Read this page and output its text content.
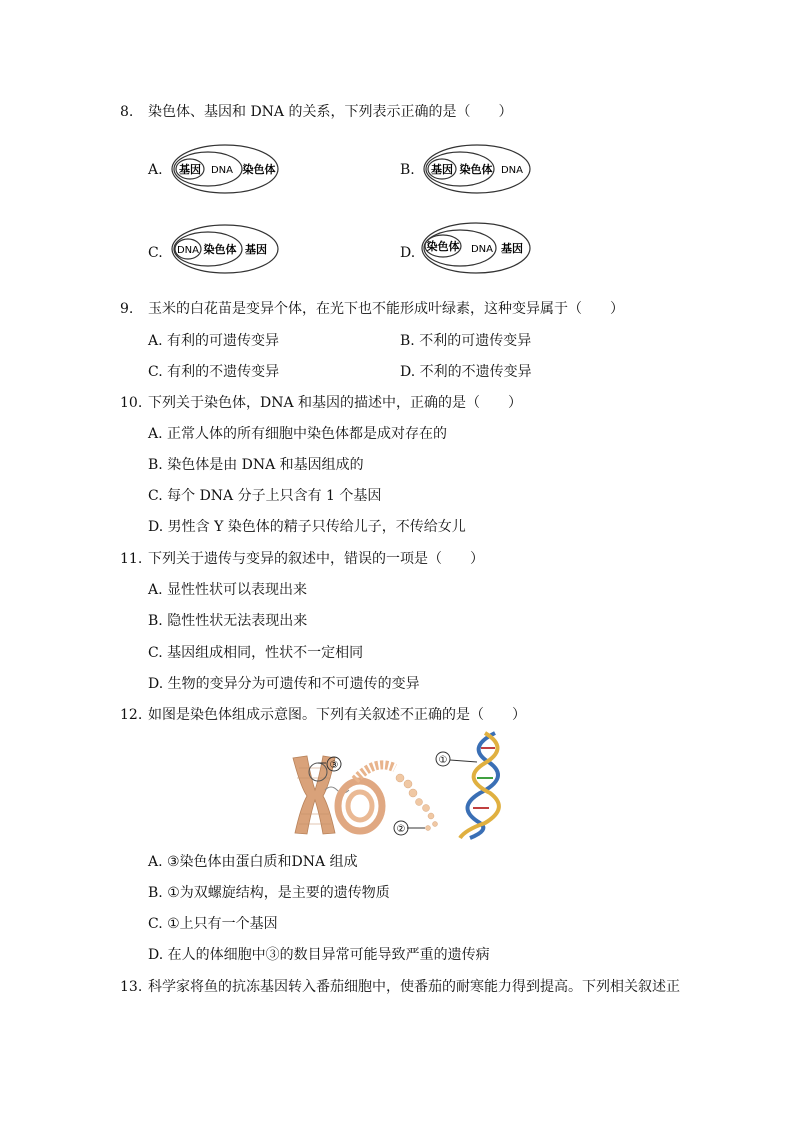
8. 染色体、基因和 DNA 的关系，下列表示正确的是（　　）
A. 基因 DNA 染色体	B. 基因 染色体 DNA
C. DNA 染色体 基因	D. 染色体 DNA 基因
9. 玉米的白花苗是变异个体，在光下也不能形成叶绿素，这种变异属于（　　）
A. 有利的可遗传变异	B. 不利的可遗传变异
C. 有利的不遗传变异	D. 不利的不遗传变异
10. 下列关于染色体，DNA 和基因的描述中，正确的是（　　）
A. 正常人体的所有细胞中染色体都是成对存在的
B. 染色体是由 DNA 和基因组成的
C. 每个 DNA 分子上只含有 1 个基因
D. 男性含 Y 染色体的精子只传给儿子，不传给女儿
11. 下列关于遗传与变异的叙述中，错误的一项是（　　）
A. 显性性状可以表现出来
B. 隐性性状无法表现出来
C. 基因组成相同，性状不一定相同
D. 生物的变异分为可遗传和不可遗传的变异
12. 如图是染色体组成示意图。下列有关叙述不正确的是（　　）
③
②
①
A. ③染色体由蛋白质和DNA 组成
B. ①为双螺旋结构，是主要的遗传物质
C. ①上只有一个基因
D. 在人的体细胞中③的数目异常可能导致严重的遗传病
13. 科学家将鱼的抗冻基因转入番茄细胞中，使番茄的耐寒能力得到提高。下列相关叙述正
